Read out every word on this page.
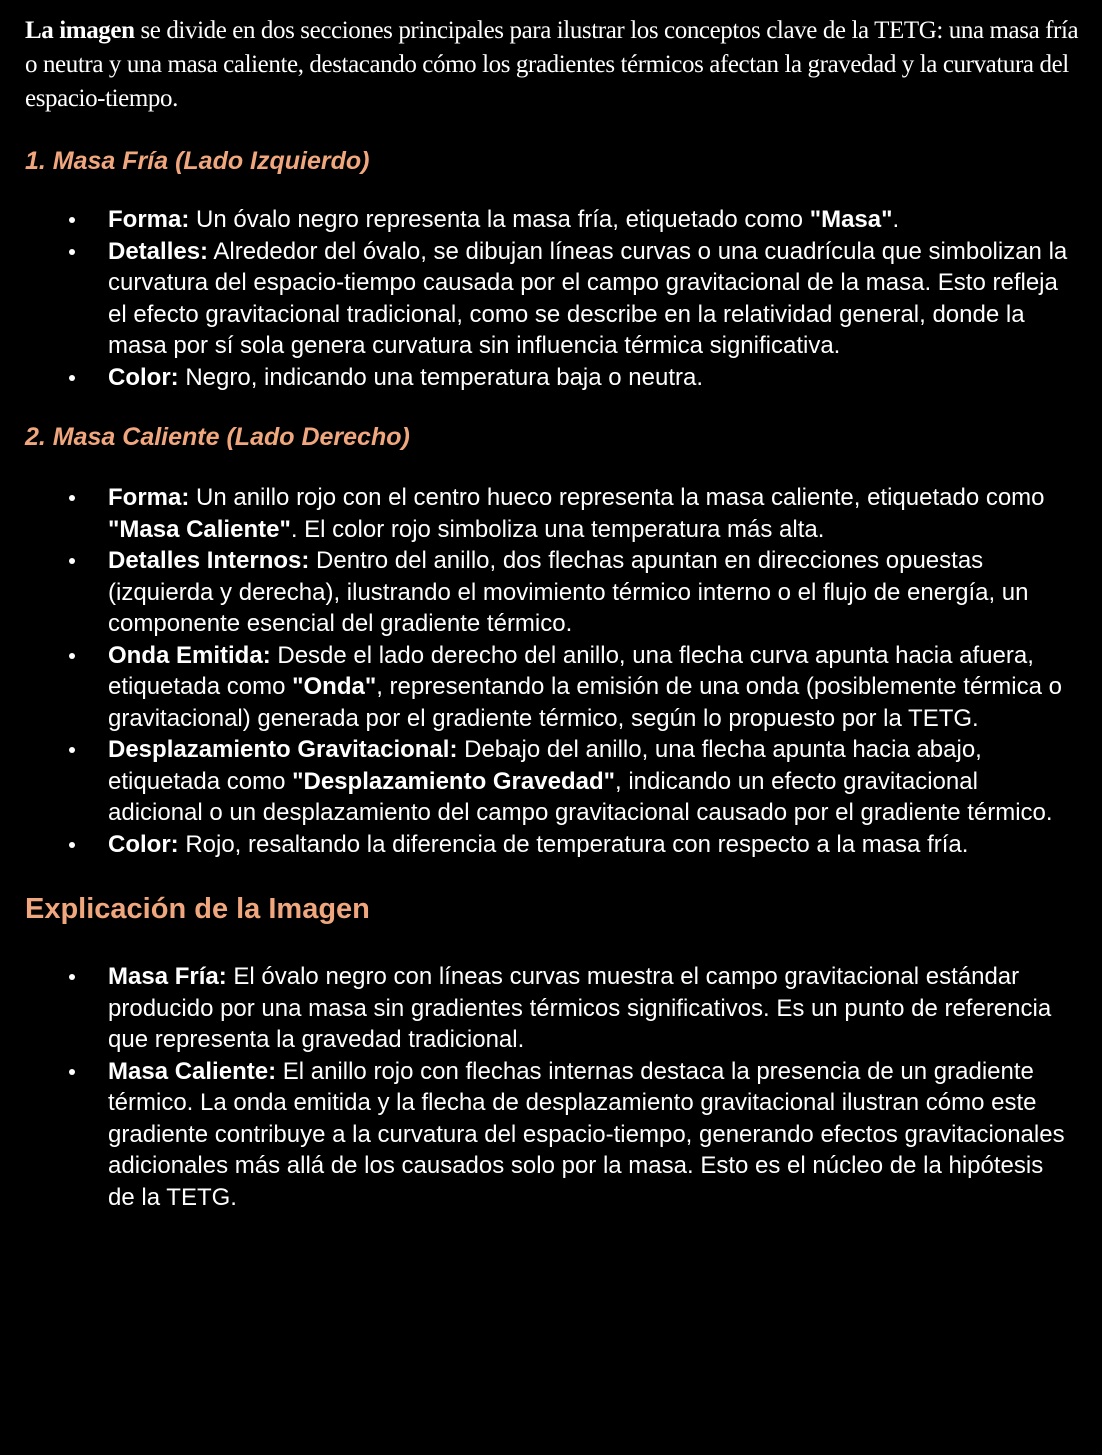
La imagen se divide en dos secciones principales para ilustrar los conceptos clave de la TETG: una masa fría o neutra y una masa caliente, destacando cómo los gradientes térmicos afectan la gravedad y la curvatura del espacio-tiempo.

1. Masa Fría (Lado Izquierdo)
Forma: Un óvalo negro representa la masa fría, etiquetado como "Masa".
Detalles: Alrededor del óvalo, se dibujan líneas curvas o una cuadrícula que simbolizan la curvatura del espacio-tiempo causada por el campo gravitacional de la masa. Esto refleja el efecto gravitacional tradicional, como se describe en la relatividad general, donde la masa por sí sola genera curvatura sin influencia térmica significativa.
Color: Negro, indicando una temperatura baja o neutra.
2. Masa Caliente (Lado Derecho)
Forma: Un anillo rojo con el centro hueco representa la masa caliente, etiquetado como "Masa Caliente". El color rojo simboliza una temperatura más alta.
Detalles Internos: Dentro del anillo, dos flechas apuntan en direcciones opuestas (izquierda y derecha), ilustrando el movimiento térmico interno o el flujo de energía, un componente esencial del gradiente térmico.
Onda Emitida: Desde el lado derecho del anillo, una flecha curva apunta hacia afuera, etiquetada como "Onda", representando la emisión de una onda (posiblemente térmica o gravitacional) generada por el gradiente térmico, según lo propuesto por la TETG.
Desplazamiento Gravitacional: Debajo del anillo, una flecha apunta hacia abajo, etiquetada como "Desplazamiento Gravedad", indicando un efecto gravitacional adicional o un desplazamiento del campo gravitacional causado por el gradiente térmico.
Color: Rojo, resaltando la diferencia de temperatura con respecto a la masa fría.
Explicación de la Imagen
Masa Fría: El óvalo negro con líneas curvas muestra el campo gravitacional estándar producido por una masa sin gradientes térmicos significativos. Es un punto de referencia que representa la gravedad tradicional.
Masa Caliente: El anillo rojo con flechas internas destaca la presencia de un gradiente térmico. La onda emitida y la flecha de desplazamiento gravitacional ilustran cómo este gradiente contribuye a la curvatura del espacio-tiempo, generando efectos gravitacionales adicionales más allá de los causados solo por la masa. Esto es el núcleo de la hipótesis de la TETG.
